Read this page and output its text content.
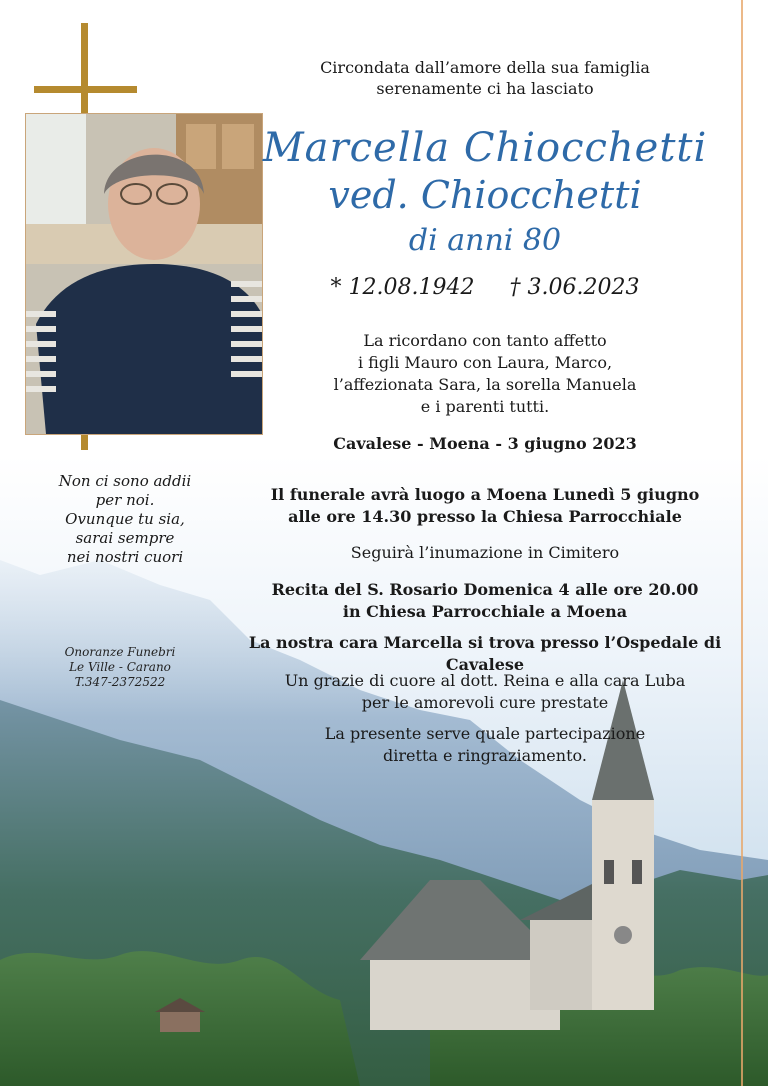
Circondata dall’amore della sua famiglia
serenamente ci ha lasciato
Marcella Chiocchetti
ved. Chiocchetti
di anni 80
* 12.08.1942 † 3.06.2023
La ricordano con tanto affetto
i figli Mauro con Laura, Marco,
l’affezionata Sara, la sorella Manuela
e i parenti tutti.
Cavalese - Moena - 3 giugno 2023
Il funerale avrà luogo a Moena Lunedì 5 giugno
alle ore 14.30 presso la Chiesa Parrocchiale
Seguirà l’inumazione in Cimitero
Recita del S. Rosario Domenica 4 alle ore 20.00
in Chiesa Parrocchiale a Moena
La nostra cara Marcella si trova presso l’Ospedale di Cavalese
Un grazie di cuore al dott. Reina e alla cara Luba
per le amorevoli cure prestate
La presente serve quale partecipazione
diretta e ringraziamento.
Non ci sono addii
per noi.
Ovunque tu sia,
sarai sempre
nei nostri cuori
Onoranze Funebri
Le Ville - Carano
T.347-2372522
